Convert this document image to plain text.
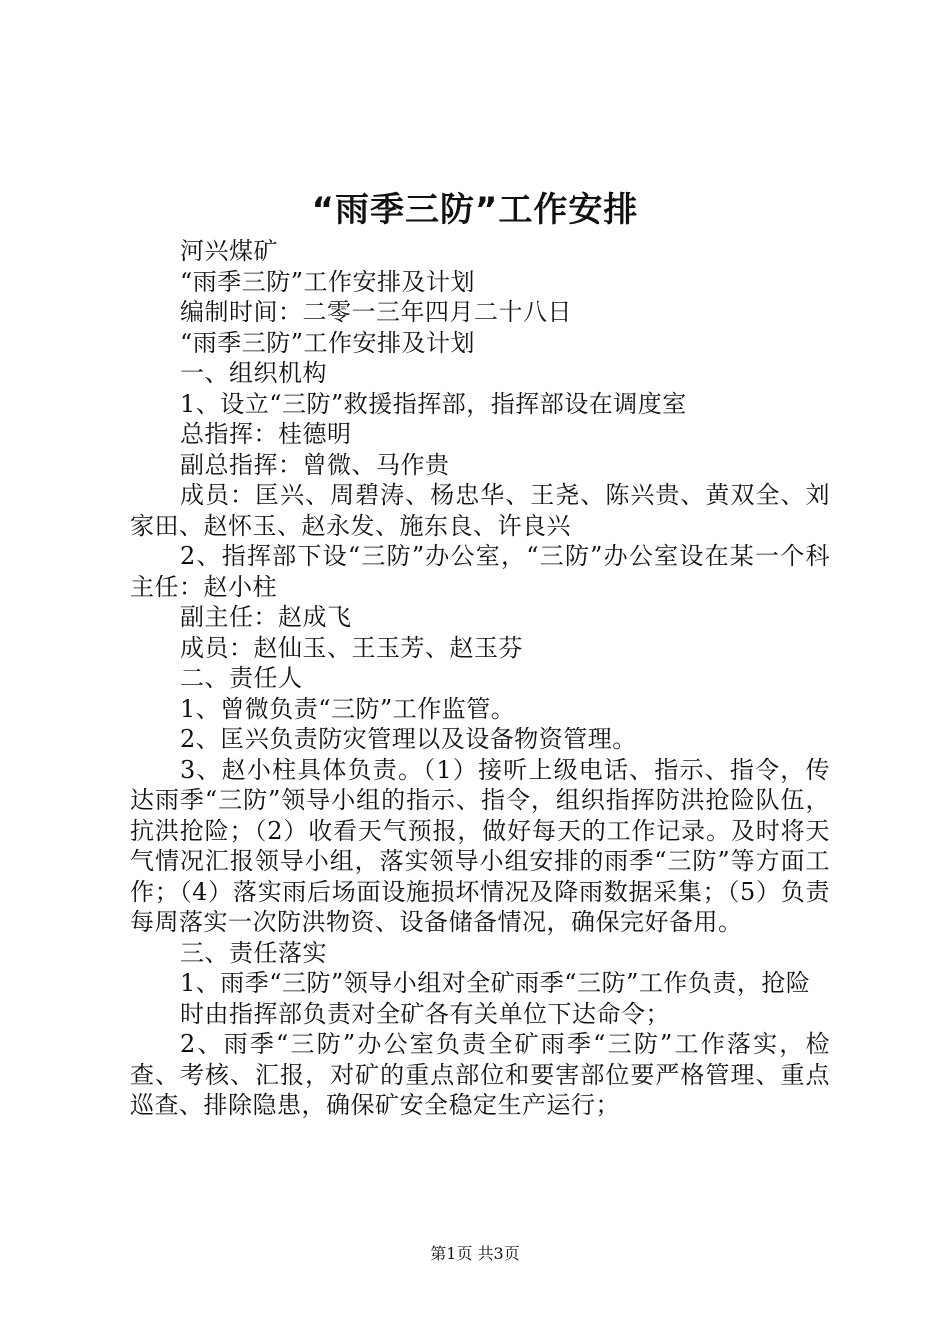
“雨季三防”工作安排

河兴煤矿

“雨季三防”工作安排及计划

编制时间：二零一三年四月二十八日

“雨季三防”工作安排及计划

一、组织机构

1、设立“三防”救援指挥部，指挥部设在调度室

总指挥：桂德明

副总指挥：曾微、马作贵

成员：匡兴、周碧涛、杨忠华、王尧、陈兴贵、黄双全、刘家田、赵怀玉、赵永发、施东良、许良兴

2、指挥部下设“三防”办公室，“三防”办公室设在某一个科主任：赵小柱

副主任：赵成飞

成员：赵仙玉、王玉芳、赵玉芬

二、责任人

1、曾微负责“三防”工作监管。

2、匡兴负责防灾管理以及设备物资管理。

3、赵小柱具体负责。（1）接听上级电话、指示、指令，传达雨季“三防”领导小组的指示、指令，组织指挥防洪抢险队伍，抗洪抢险；（2）收看天气预报，做好每天的工作记录。及时将天气情况汇报领导小组，落实领导小组安排的雨季“三防”等方面工作；（4）落实雨后场面设施损坏情况及降雨数据采集；（5）负责每周落实一次防洪物资、设备储备情况，确保完好备用。

三、责任落实

1、雨季“三防”领导小组对全矿雨季“三防”工作负责，抢险

时由指挥部负责对全矿各有关单位下达命令；

2、雨季“三防”办公室负责全矿雨季“三防”工作落实，检查、考核、汇报，对矿的重点部位和要害部位要严格管理、重点巡查、排除隐患，确保矿安全稳定生产运行；

第1页 共3页
